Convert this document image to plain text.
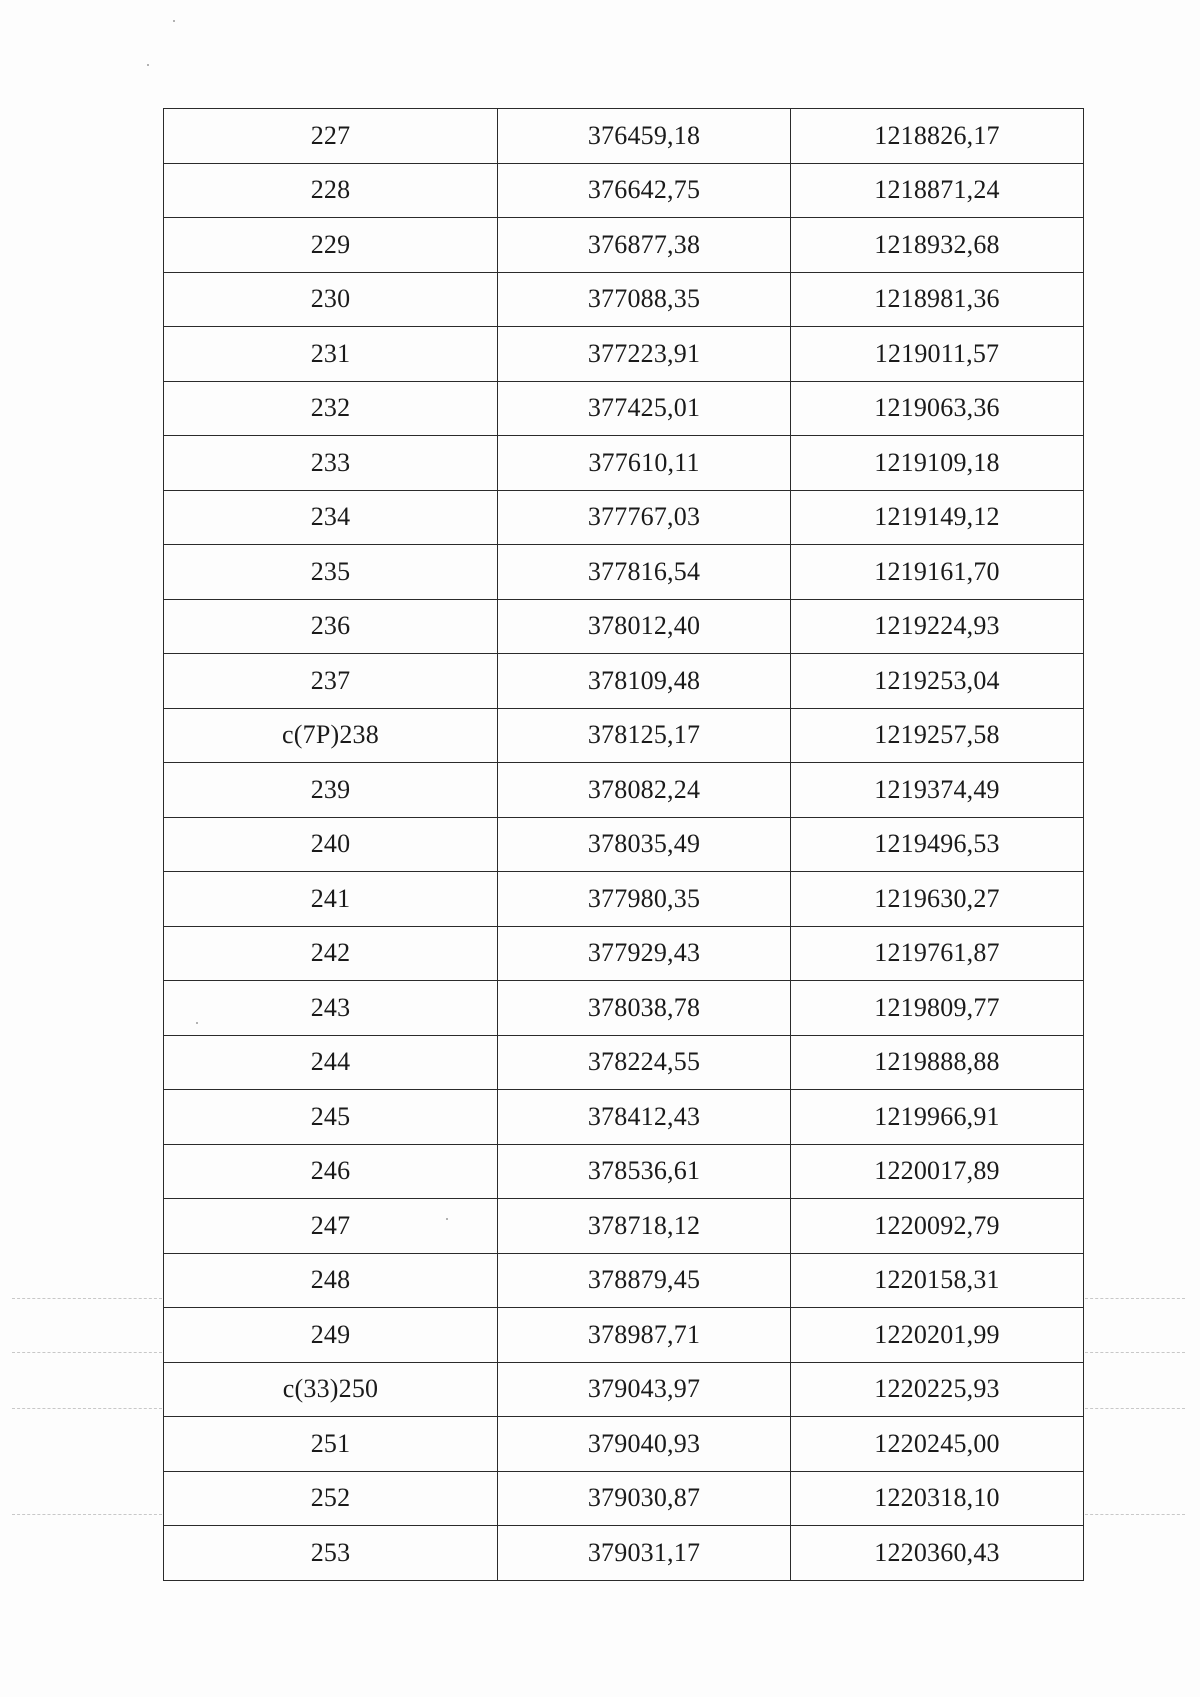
227	376459,18	1218826,17
228	376642,75	1218871,24
229	376877,38	1218932,68
230	377088,35	1218981,36
231	377223,91	1219011,57
232	377425,01	1219063,36
233	377610,11	1219109,18
234	377767,03	1219149,12
235	377816,54	1219161,70
236	378012,40	1219224,93
237	378109,48	1219253,04
c(7P)238	378125,17	1219257,58
239	378082,24	1219374,49
240	378035,49	1219496,53
241	377980,35	1219630,27
242	377929,43	1219761,87
243	378038,78	1219809,77
244	378224,55	1219888,88
245	378412,43	1219966,91
246	378536,61	1220017,89
247	378718,12	1220092,79
248	378879,45	1220158,31
249	378987,71	1220201,99
c(33)250	379043,97	1220225,93
251	379040,93	1220245,00
252	379030,87	1220318,10
253	379031,17	1220360,43
